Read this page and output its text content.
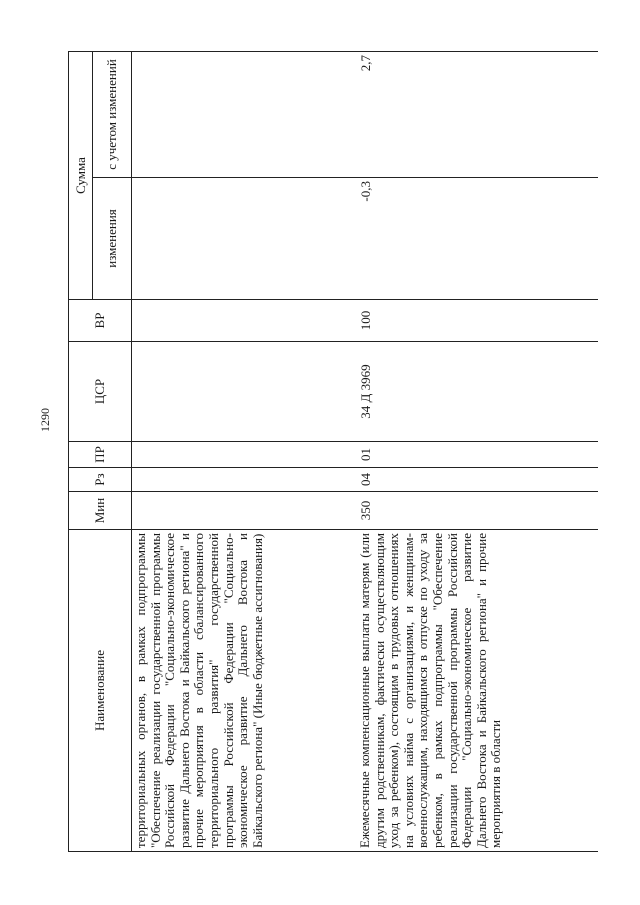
1290
Наименование	Мин	Рз	ПР	ЦСР	ВР	Сумма	
						изменения	с учетом изменений
территориальных органов, в рамках подпрограммы "Обеспечение реализации государственной программы Российской Федерации "Социально-экономическое развитие Дальнего Востока и Байкальского региона" и прочие мероприятия в области сбалансированного территориального развития" государственной программы Российской Федерации "Социально-экономическое развитие Дальнего Востока и Байкальского региона" (Иные бюджетные ассигнования)							
Ежемесячные компенсационные выплаты матерям (или другим родственникам, фактически осуществляющим уход за ребенком), состоящим в трудовых отношениях на условиях найма с организациями, и женщинам-военнослужащим, находящимся в отпуске по уходу за ребенком, в рамках подпрограммы "Обеспечение реализации государственной программы Российской Федерации "Социально-экономическое развитие Дальнего Востока и Байкальского региона" и прочие мероприятия в области	350	04	01	34 Д 3969	100	-0,3	2,7
